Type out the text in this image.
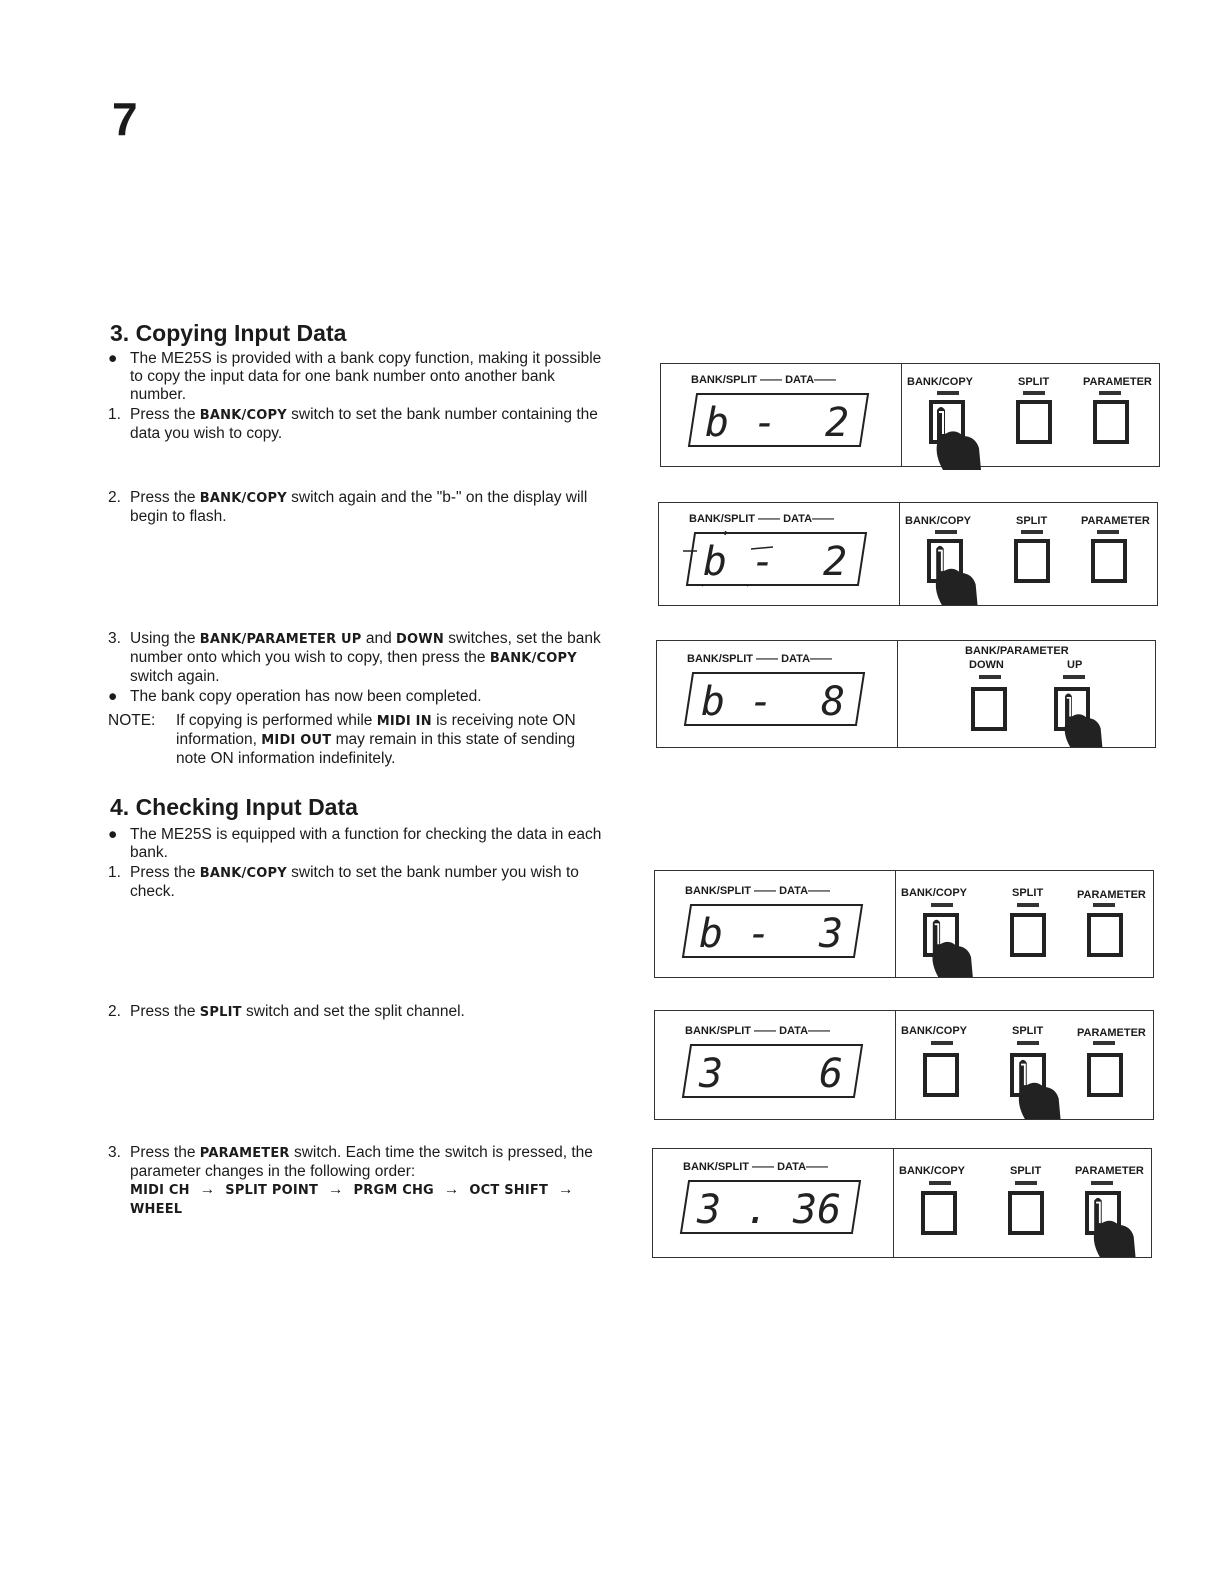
7
3. Copying Input Data
● The ME25S is provided with a bank copy function, making it possible to copy the input data for one bank number onto another bank number.
1. Press the BANK/COPY switch to set the bank number containing the data you wish to copy.
2. Press the BANK/COPY switch again and the "b-" on the display will begin to flash.
3. Using the BANK/PARAMETER UP and DOWN switches, set the bank number onto which you wish to copy, then press the BANK/COPY switch again.
● The bank copy operation has now been completed.
NOTE: If copying is performed while MIDI IN is receiving note ON information, MIDI OUT may remain in this state of sending note ON information indefinitely.
4. Checking Input Data
● The ME25S is equipped with a function for checking the data in each bank.
1. Press the BANK/COPY switch to set the bank number you wish to check.
2. Press the SPLIT switch and set the split channel.
3. Press the PARAMETER switch. Each time the switch is pressed, the parameter changes in the following order:
MIDI CH → SPLIT POINT → PRGM CHG → OCT SHIFT →
WHEEL
BANK/SPLIT —— DATA——
b - 2
BANK/COPY	SPLIT	PARAMETER
BANK/SPLIT —— DATA——
b - 2
BANK/COPY	SPLIT	PARAMETER
BANK/SPLIT —— DATA——
b - 8
BANK/PARAMETER
DOWN	UP
BANK/SPLIT —— DATA——
b - 3
BANK/COPY	SPLIT	PARAMETER
BANK/SPLIT —— DATA——
3 6
BANK/COPY	SPLIT	PARAMETER
BANK/SPLIT —— DATA——
3 . 36
BANK/COPY	SPLIT	PARAMETER
